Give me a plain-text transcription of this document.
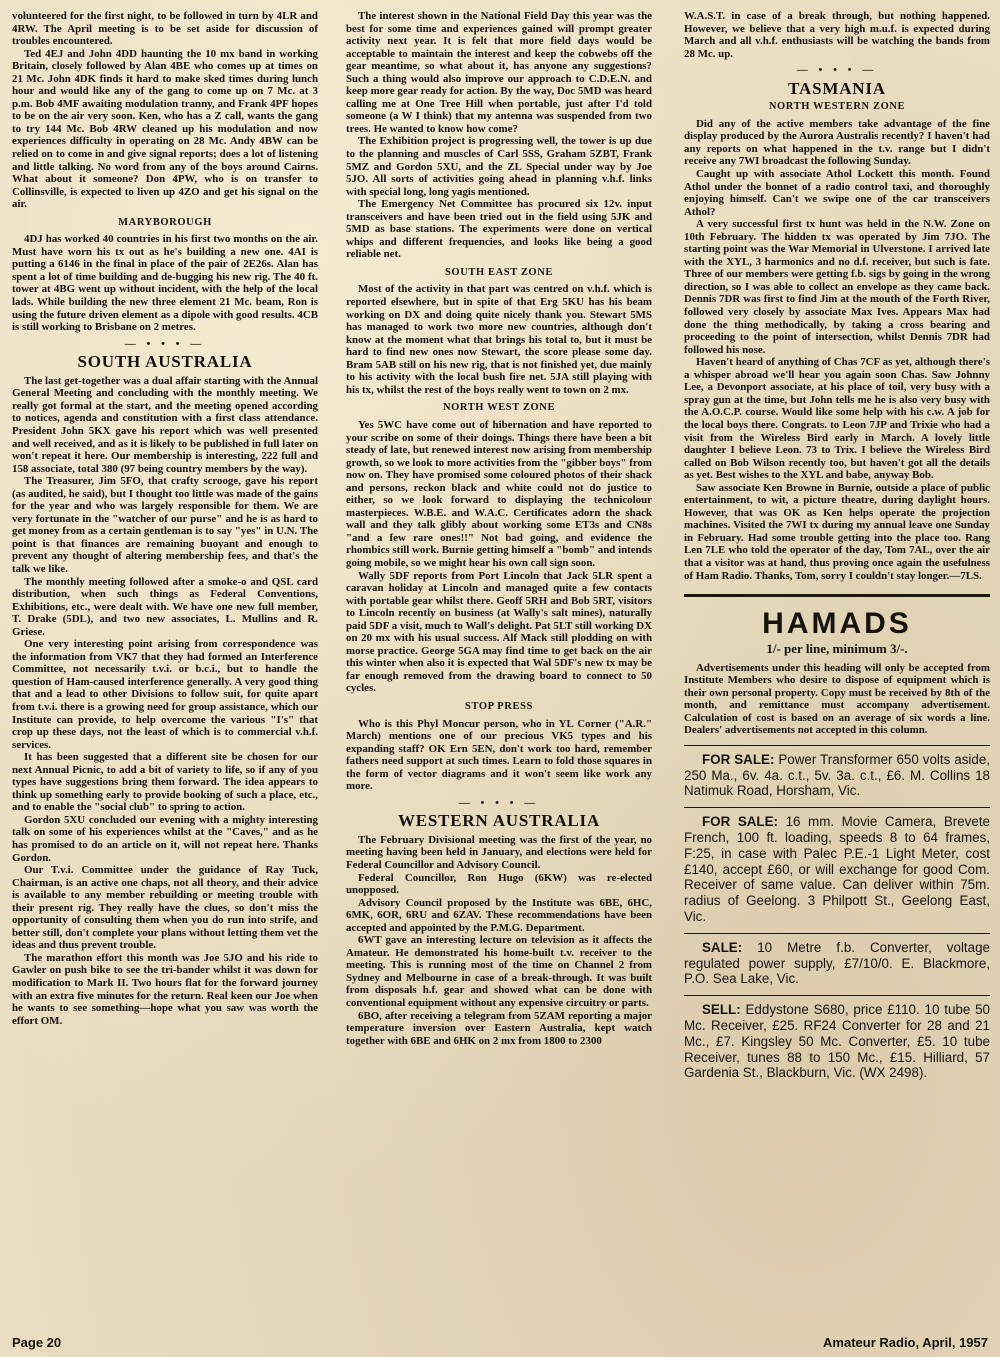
volunteered for the first night, to be followed in turn by 4LR and 4RW. The April meeting is to be set aside for discussion of troubles encountered.

Ted 4EJ and John 4DD haunting the 10 mx band in working Britain, closely followed by Alan 4BE who comes up at times on 21 Mc. John 4DK finds it hard to make sked times during lunch hour and would like any of the gang to come up on 7 Mc. at 3 p.m. Bob 4MF awaiting modulation tranny, and Frank 4PF hopes to be on the air very soon. Ken, who has a Z call, wants the gang to try 144 Mc. Bob 4RW cleaned up his modulation and now experiences difficulty in operating on 28 Mc. Andy 4BW can be relied on to come in and give signal reports; does a lot of listening and little talking. No word from any of the boys around Cairns. What about it someone? Don 4PW, who is on transfer to Collinsville, is expected to liven up 4ZO and get his signal on the air.

MARYBOROUGH

4DJ has worked 40 countries in his first two months on the air. Must have worn his tx out as he's building a new one. 4AI is putting a 6146 in the final in place of the pair of 2E26s. Alan has spent a lot of time building and de-bugging his new rig. The 40 ft. tower at 4BG went up without incident, with the help of the local lads. While building the new three element 21 Mc. beam, Ron is using the future driven element as a dipole with good results. 4CB is still working to Brisbane on 2 metres.

— • • • —
SOUTH AUSTRALIA

The last get-together was a dual affair starting with the Annual General Meeting and concluding with the monthly meeting. We really got formal at the start, and the meeting opened according to notices, agenda and constitution with a first class attendance. President John 5KX gave his report which was well presented and well received, and as it is likely to be published in full later on won't repeat it here. Our membership is interesting, 222 full and 158 associate, total 380 (97 being country members by the way).

The Treasurer, Jim 5FO, that crafty scrooge, gave his report (as audited, he said), but I thought too little was made of the gains for the year and who was largely responsible for them. We are very fortunate in the "watcher of our purse" and he is as hard to get money from as a certain gentleman is to say "yes" in U.N. The point is that finances are remaining buoyant and enough to prevent any thought of altering membership fees, and that's the talk we like.

The monthly meeting followed after a smoke-o and QSL card distribution, when such things as Federal Conventions, Exhibitions, etc., were dealt with. We have one new full member, T. Drake (5DL), and two new associates, L. Mullins and R. Griese.

One very interesting point arising from correspondence was the information from VK7 that they had formed an Interference Committee, not necessarily t.v.i. or b.c.i., but to handle the question of Ham-caused interference generally. A very good thing that and a lead to other Divisions to follow suit, for quite apart from t.v.i. there is a growing need for group assistance, which our Institute can provide, to help overcome the various "I's" that crop up these days, not the least of which is to commercial v.h.f. services.

It has been suggested that a different site be chosen for our next Annual Picnic, to add a bit of variety to life, so if any of you types have suggestions bring them forward. The idea appears to think up something early to provide booking of such a place, etc., and to enable the "social club" to spring to action.

Gordon 5XU concluded our evening with a mighty interesting talk on some of his experiences whilst at the "Caves," and as he has promised to do an article on it, will not repeat here. Thanks Gordon.

Our T.v.i. Committee under the guidance of Ray Tuck, Chairman, is an active one chaps, not all theory, and their advice is available to any member rebuilding or meeting trouble with their present rig. They really have the clues, so don't miss the opportunity of consulting them when you do run into strife, and better still, don't complete your plans without letting them vet the ideas and thus prevent trouble.

The marathon effort this month was Joe 5JO and his ride to Gawler on push bike to see the tri-bander whilst it was down for modification to Mark II. Two hours flat for the forward journey with an extra five minutes for the return. Real keen our Joe when he wants to see something—hope what you saw was worth the effort OM.

The interest shown in the National Field Day this year was the best for some time and experiences gained will prompt greater activity next year. It is felt that more field days would be acceptable to maintain the interest and keep the cobwebs off the gear meantime, so what about it, has anyone any suggestions? Such a thing would also improve our approach to C.D.E.N. and keep more gear ready for action. By the way, Doc 5MD was heard calling me at One Tree Hill when portable, just after I'd told someone (a W I think) that my antenna was suspended from two trees. He wanted to know how come?

The Exhibition project is progressing well, the tower is up due to the planning and muscles of Carl 5SS, Graham 5ZBT, Frank 5MZ and Gordon 5XU, and the ZL Special under way by Joe 5JO. All sorts of activities going ahead in planning v.h.f. links with special long, long yagis mentioned.

The Emergency Net Committee has procured six 12v. input transceivers and have been tried out in the field using 5JK and 5MD as base stations. The experiments were done on vertical whips and different frequencies, and looks like being a good reliable net.

SOUTH EAST ZONE

Most of the activity in that part was centred on v.h.f. which is reported elsewhere, but in spite of that Erg 5KU has his beam working on DX and doing quite nicely thank you. Stewart 5MS has managed to work two more new countries, although don't know at the moment what that brings his total to, but it must be hard to find new ones now Stewart, the score please some day. Bram 5AB still on his new rig, that is not finished yet, due mainly to his activity with the local bush fire net. 5JA still playing with his tx, whilst the rest of the boys really went to town on 2 mx.

NORTH WEST ZONE

Yes 5WC have come out of hibernation and have reported to your scribe on some of their doings. Things there have been a bit steady of late, but renewed interest now arising from membership growth, so we look to more activities from the "gibber boys" from now on. They have promised some coloured photos of their shack and persons, reckon black and white could not do justice to either, so we look forward to displaying the technicolour masterpieces. W.B.E. and W.A.C. Certificates adorn the shack wall and they talk glibly about working some ET3s and CN8s "and a few rare ones!!" Not bad going, and evidence the rhombics still work. Burnie getting himself a "bomb" and intends going mobile, so we might hear his own call sign soon.

Wally 5DF reports from Port Lincoln that Jack 5LR spent a caravan holiday at Lincoln and managed quite a few contacts with portable gear whilst there. Geoff 5RH and Bob 5RT, visitors to Lincoln recently on business (at Wally's salt mines), naturally paid 5DF a visit, much to Wall's delight. Pat 5LT still working DX on 20 mx with his usual success. Alf Mack still plodding on with morse practice. George 5GA may find time to get back on the air this winter when also it is expected that Wal 5DF's new tx may be far enough removed from the drawing board to connect to 50 cycles.

STOP PRESS

Who is this Phyl Moncur person, who in YL Corner ("A.R." March) mentions one of our precious VK5 types and his expanding staff? OK Ern 5EN, don't work too hard, remember fathers need support at such times. Learn to fold those squares in the form of vector diagrams and it won't seem like work any more.

— • • • —
WESTERN AUSTRALIA

The February Divisional meeting was the first of the year, no meeting having been held in January, and elections were held for Federal Councillor and Advisory Council.

Federal Councillor, Ron Hugo (6KW) was re-elected unopposed.

Advisory Council proposed by the Institute was 6BE, 6HC, 6MK, 6OR, 6RU and 6ZAV. These recommendations have been accepted and appointed by the P.M.G. Department.

6WT gave an interesting lecture on television as it affects the Amateur. He demonstrated his home-built t.v. receiver to the meeting. This is running most of the time on Channel 2 from Sydney and Melbourne in case of a break-through. It was built from disposals h.f. gear and showed what can be done with conventional equipment without any expensive circuitry or parts.

6BO, after receiving a telegram from 5ZAM reporting a major temperature inversion over Eastern Australia, kept watch together with 6BE and 6HK on 2 mx from 1800 to 2300

W.A.S.T. in case of a break through, but nothing happened. However, we believe that a very high m.u.f. is expected during March and all v.h.f. enthusiasts will be watching the bands from 28 Mc. up.

— • • • —
TASMANIA
NORTH WESTERN ZONE

Did any of the active members take advantage of the fine display produced by the Aurora Australis recently? I haven't had any reports on what happened in the t.v. range but I didn't receive any 7WI broadcast the following Sunday.

Caught up with associate Athol Lockett this month. Found Athol under the bonnet of a radio control taxi, and thoroughly enjoying himself. Can't we swipe one of the car transceivers Athol?

A very successful first tx hunt was held in the N.W. Zone on 10th February. The hidden tx was operated by Jim 7JO. The starting point was the War Memorial in Ulverstone. I arrived late with the XYL, 3 harmonics and no d.f. receiver, but such is fate. Three of our members were getting f.b. sigs by going in the wrong direction, so I was able to collect an envelope as they came back. Dennis 7DR was first to find Jim at the mouth of the Forth River, followed very closely by associate Max Ives. Appears Max had done the thing methodically, by taking a cross bearing and proceeding to the point of intersection, whilst Dennis 7DR had followed his nose.

Haven't heard of anything of Chas 7CF as yet, although there's a whisper abroad we'll hear you again soon Chas. Saw Johnny Lee, a Devonport associate, at his place of toil, very busy with a spray gun at the time, but John tells me he is also very busy with the A.O.C.P. course. Would like some help with his c.w. A job for the local boys there. Congrats. to Leon 7JP and Trixie who had a visit from the Wireless Bird early in March. A lovely little daughter I believe Leon. 73 to Trix. I believe the Wireless Bird called on Bob Wilson recently too, but haven't got all the details as yet. Best wishes to the XYL and babe, anyway Bob.

Saw associate Ken Browne in Burnie, outside a place of public entertainment, to wit, a picture theatre, during daylight hours. However, that was OK as Ken helps operate the projection machines. Visited the 7WI tx during my annual leave one Sunday in February. Had some trouble getting into the place too. Rang Len 7LE who told the operator of the day, Tom 7AL, over the air that a visitor was at hand, thus proving once again the usefulness of Ham Radio. Thanks, Tom, sorry I couldn't stay longer.—7LS.

HAMADS
1/- per line, minimum 3/-.

Advertisements under this heading will only be accepted from Institute Members who desire to dispose of equipment which is their own personal property. Copy must be received by 8th of the month, and remittance must accompany advertisement. Calculation of cost is based on an average of six words a line. Dealers' advertisements not accepted in this column.

FOR SALE: Power Transformer 650 volts aside, 250 Ma., 6v. 4a. c.t., 5v. 3a. c.t., £6. M. Collins 18 Natimuk Road, Horsham, Vic.
FOR SALE: 16 mm. Movie Camera, Brevete French, 100 ft. loading, speeds 8 to 64 frames, F:25, in case with Palec P.E.-1 Light Meter, cost £140, accept £60, or will exchange for good Com. Receiver of same value. Can deliver within 75m. radius of Geelong. 3 Philpott St., Geelong East, Vic.
SALE: 10 Metre f.b. Converter, voltage regulated power supply, £7/10/0. E. Blackmore, P.O. Sea Lake, Vic.
SELL: Eddystone S680, price £110. 10 tube 50 Mc. Receiver, £25. RF24 Converter for 28 and 21 Mc., £7. Kingsley 50 Mc. Converter, £5. 10 tube Receiver, tunes 88 to 150 Mc., £15. Hilliard, 57 Gardenia St., Blackburn, Vic. (WX 2498).
Page 20	Amateur Radio, April, 1957
